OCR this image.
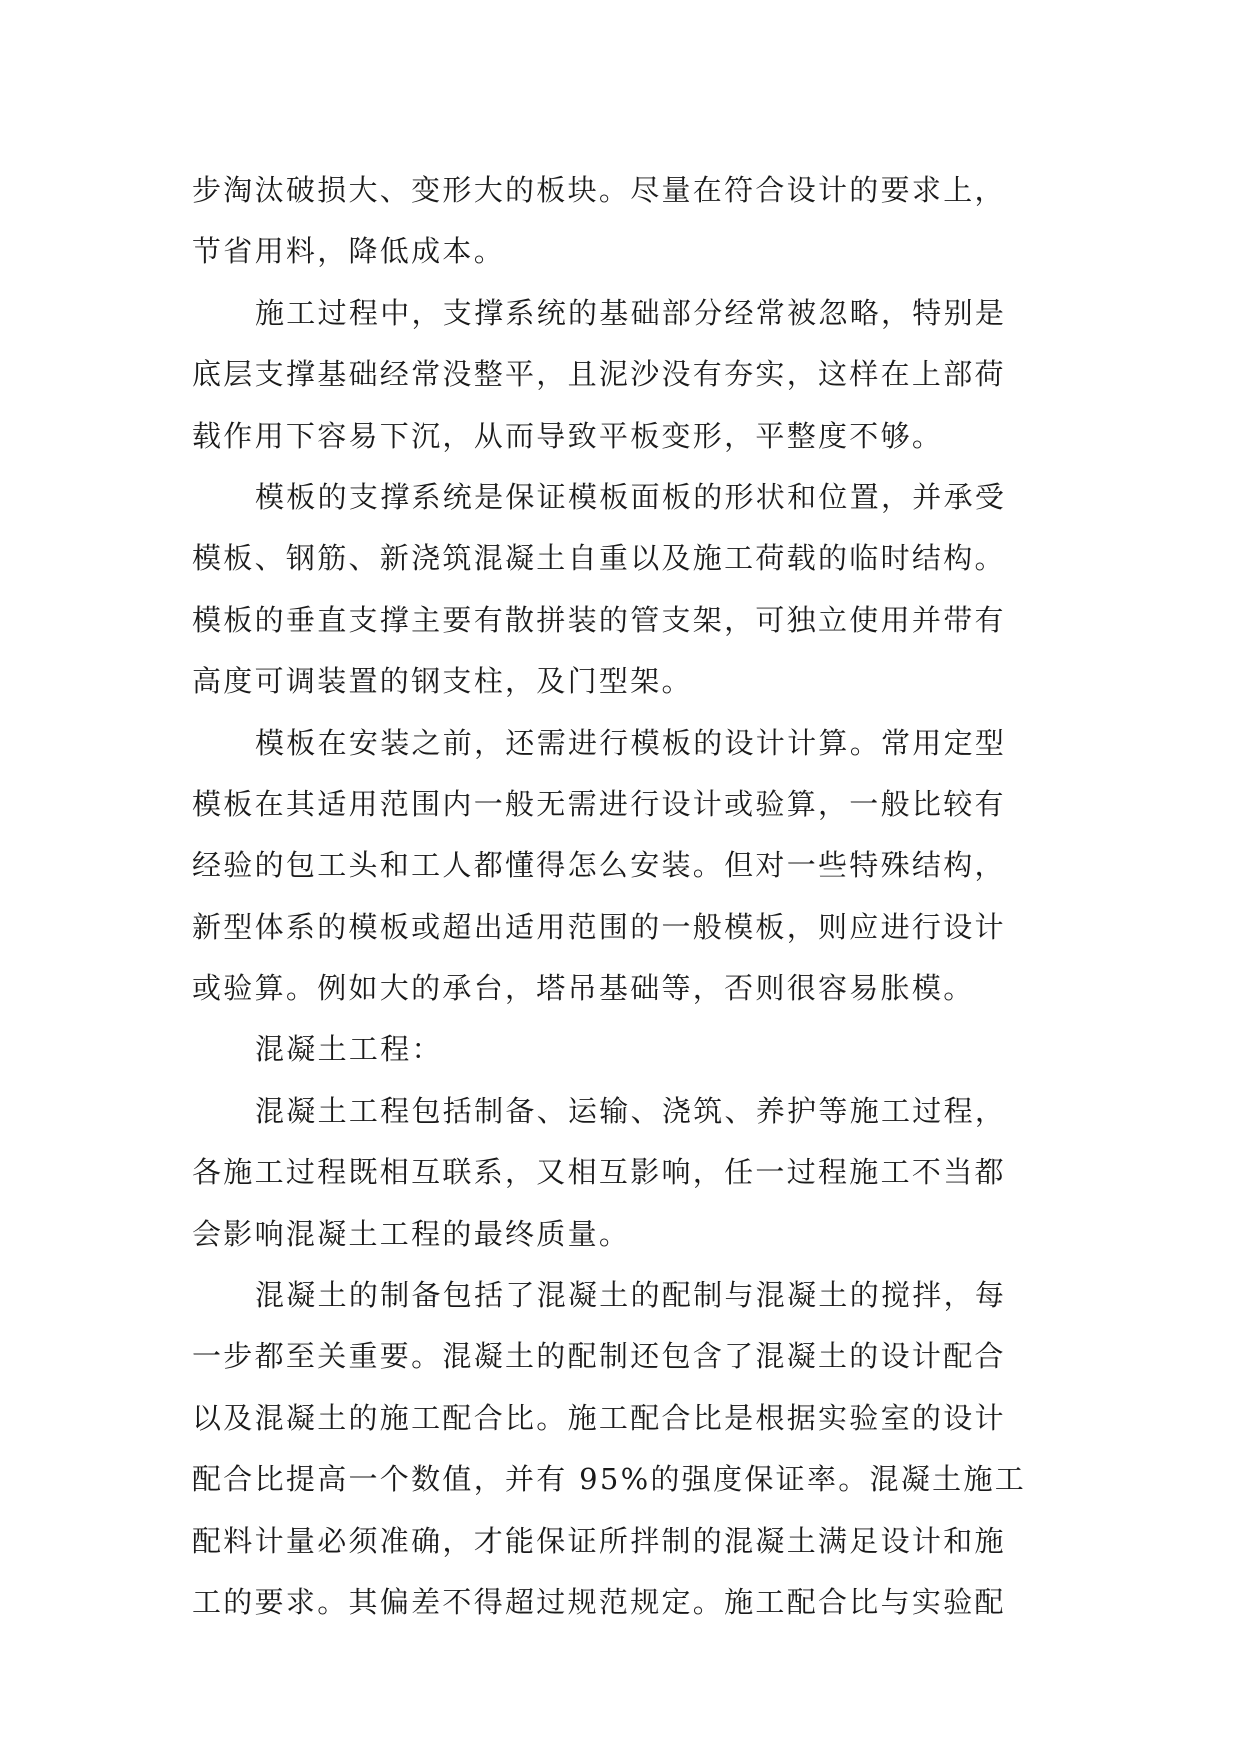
步淘汰破损大、变形大的板块。尽量在符合设计的要求上，
节省用料，降低成本。
施工过程中，支撑系统的基础部分经常被忽略，特别是
底层支撑基础经常没整平，且泥沙没有夯实，这样在上部荷
载作用下容易下沉，从而导致平板变形，平整度不够。
模板的支撑系统是保证模板面板的形状和位置，并承受
模板、钢筋、新浇筑混凝土自重以及施工荷载的临时结构。
模板的垂直支撑主要有散拼装的管支架，可独立使用并带有
高度可调装置的钢支柱，及门型架。
模板在安装之前，还需进行模板的设计计算。常用定型
模板在其适用范围内一般无需进行设计或验算，一般比较有
经验的包工头和工人都懂得怎么安装。但对一些特殊结构，
新型体系的模板或超出适用范围的一般模板，则应进行设计
或验算。例如大的承台，塔吊基础等，否则很容易胀模。
混凝土工程：
混凝土工程包括制备、运输、浇筑、养护等施工过程，
各施工过程既相互联系，又相互影响，任一过程施工不当都
会影响混凝土工程的最终质量。
混凝土的制备包括了混凝土的配制与混凝土的搅拌，每
一步都至关重要。混凝土的配制还包含了混凝土的设计配合
以及混凝土的施工配合比。施工配合比是根据实验室的设计
配合比提高一个数值，并有 95%的强度保证率。混凝土施工
配料计量必须准确，才能保证所拌制的混凝土满足设计和施
工的要求。其偏差不得超过规范规定。施工配合比与实验配
